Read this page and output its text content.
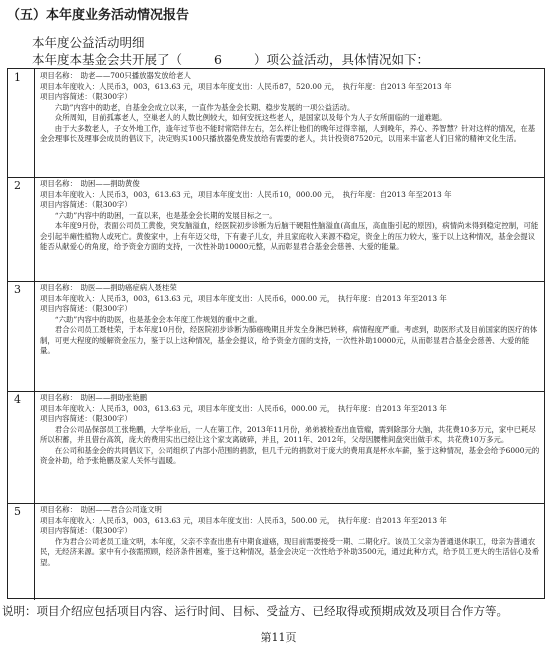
（五）本年度业务活动情况报告
本年度公益活动明细
本年度本基金会共开展了（	6	）项公益活动，具体情况如下：
1	项目名称：　助老——700只播放器发放给老人

项目本年度收入：人民币3，003，613.63 元，项目本年度支出：人民币87，520.00 元，　执行年度：自2013 年至2013 年

项目内容简述：（限300字）

六助”内容中的助老，自基金会成立以来，一直作为基金会长期、稳步发展的一项公益活动。

众所周知，目前孤寡老人，空巢老人的人数比例较大，如何安抚这些老人，是国家以及每个为人子女所面临的一道难题。

由于大多数老人，子女外地工作，逢年过节也不能时常陪伴左右，怎么样让他们的晚年过得幸福，人到晚年，养心、养智慧？针对这样的情况，在基金会理事长及理事会成员的倡议下，决定购买100只播放器免费发放给有需要的老人，共计投资87520元，以用来丰富老人们日常的精神文化生活。

2	项目名称：　助困——捐助黄俊

项目本年度收入：人民币3，003，613.63 元，项目本年度支出：人民币10，000.00 元，　执行年度：自2013 年至2013 年

项目内容简述：（限300字）

“六助”内容中的助困，一直以来，也是基金会长期的发展目标之一。

本年度9月份，表面公司员工黄俊，突发脑溢血，经医院初步诊断为后脑干硬阻性脑溢血(高血压，高血脂引起的原因)，病情尚未得到稳定控制，可能会引起半瘫性植物人或死亡。黄俊家中，上有年迈父母，下有妻子儿女，并且家庭收入来源不稳定，资金上的压力较大，鉴于以上这种情况，基金会提议能否从献爱心的角度，给予资金方面的支持，一次性补助10000元整，从而彰显君合基金会慈善、大爱的能量。

3	项目名称：　助医——捐助癌症病人聂桂荣

项目本年度收入：人民币3，003，613.63 元，项目本年度支出：人民币6，000.00 元，　执行年度：自2013 年至2013 年

项目内容简述：（限300字）

“六助”内容中的助医，也是基金会本年度工作规划的重中之重。

君合公司员工聂桂荣，于本年度10月份，经医院初步诊断为肺癌晚期且并发全身淋巴转移，病情程度严重。考虑到，助医形式及目前国家的医疗的体制，可更大程度的缓解资金压力，鉴于以上这种情况，基金会提议，给予资金方面的支持，一次性补助10000元，从而彰显君合基金会慈善、大爱的能量。

4	项目名称：　助困——捐助张艳鹏

项目本年度收入：人民币3，003，613.63 元，项目本年度支出：人民币6，000.00 元，　执行年度：自2013 年至2013 年

项目内容简述：（限300字）

君合公司品保部员工张艳鹏，大学毕业后，一人在第工作，2013年11月份，弟弟被检查出血管瘤，需到除部分大脑，共花费10多万元，家中已耗尽所以积蓄，并且借台高筑，庞大的费用实出已经让这个家支离破碎，并且，2011年、2012年，父母因腰椎间盘突出做手术，共花费10万多元。

在公司和基金会的共同倡议下，公司组织了内部小范围的捐款，但几千元的捐款对于庞大的费用真是杯水车薪，鉴于这种情况，基金会给予6000元的资金补助，给予张艳鹏及家人关怀与温暖。

5	项目名称：　助困——君合公司逢文明

项目本年度收入：人民币3，003，613.63 元，项目本年度支出：人民币3，500.00 元，　执行年度：自2013 年至2013 年

项目内容简述：（限300字）

作为君合公司老员工逢文明，本年度，父亲不幸查出患有中期食道癌，现目前需要接受一期、二期化疗。该员工父亲为普通退休职工，母亲为普通农民，无经济来源。家中有小孩需照顾，经济条件困难，鉴于这种情况，基金会决定一次性给予补助3500元，通过此种方式，给予员工更大的生活信心及希望。

说明：项目介绍应包括项目内容、运行时间、目标、受益方、已经取得或预期成效及项目合作方等。
第11页
